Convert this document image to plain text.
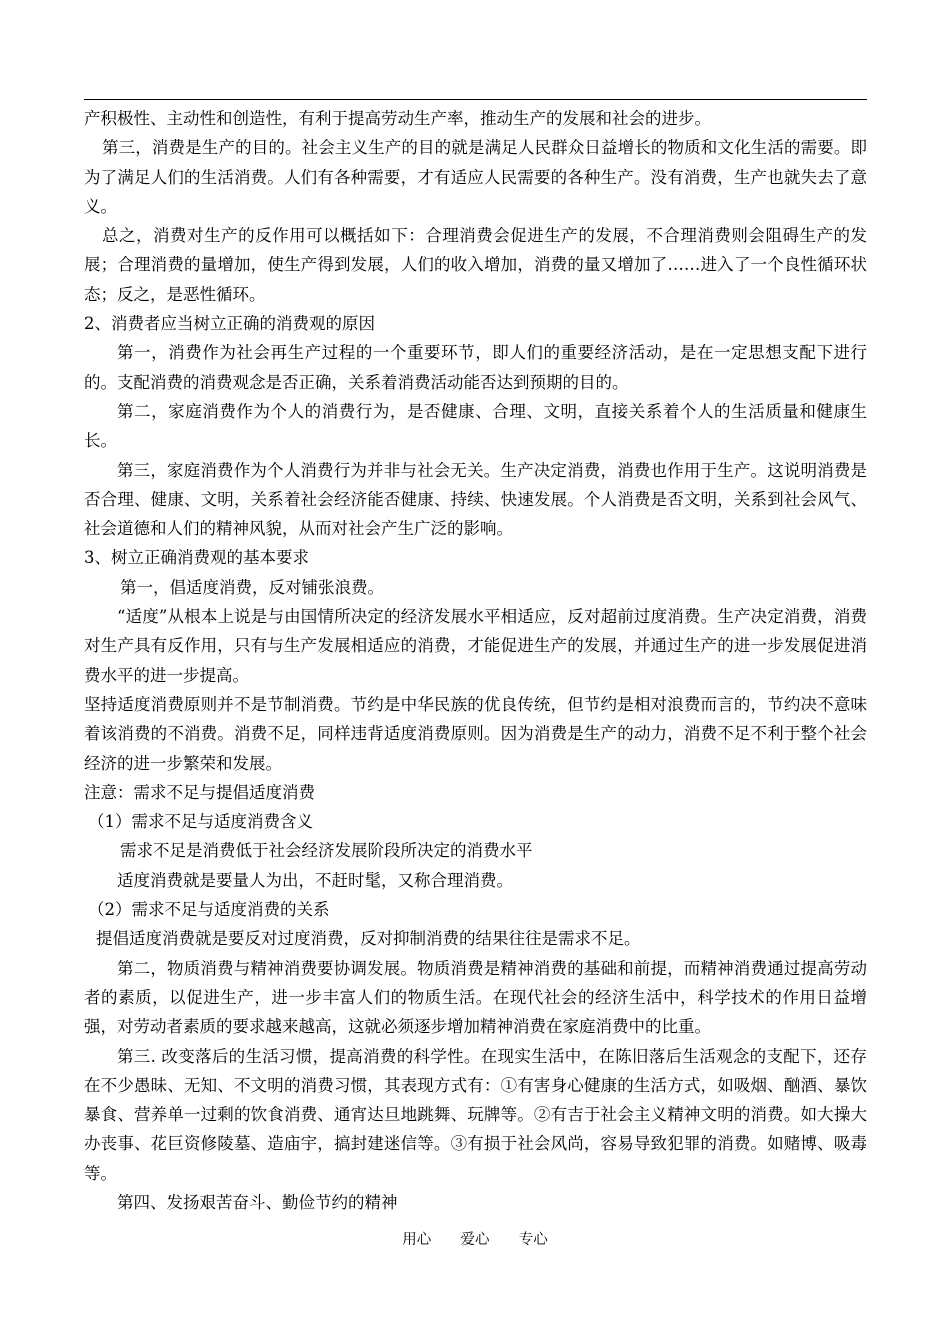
产积极性、主动性和创造性，有利于提高劳动生产率，推动生产的发展和社会的进步。

第三，消费是生产的目的。社会主义生产的目的就是满足人民群众日益增长的物质和文化生活的需要。即为了满足人们的生活消费。人们有各种需要，才有适应人民需要的各种生产。没有消费，生产也就失去了意义。

总之，消费对生产的反作用可以概括如下：合理消费会促进生产的发展，不合理消费则会阻碍生产的发展；合理消费的量增加，使生产得到发展，人们的收入增加，消费的量又增加了……进入了一个良性循环状态；反之，是恶性循环。

2、消费者应当树立正确的消费观的原因

第一，消费作为社会再生产过程的一个重要环节，即人们的重要经济活动，是在一定思想支配下进行的。支配消费的消费观念是否正确，关系着消费活动能否达到预期的目的。

第二，家庭消费作为个人的消费行为，是否健康、合理、文明，直接关系着个人的生活质量和健康生长。

第三，家庭消费作为个人消费行为并非与社会无关。生产决定消费，消费也作用于生产。这说明消费是否合理、健康、文明，关系着社会经济能否健康、持续、快速发展。个人消费是否文明，关系到社会风气、社会道德和人们的精神风貌，从而对社会产生广泛的影响。

3、树立正确消费观的基本要求

第一，倡适度消费，反对铺张浪费。

“适度”从根本上说是与由国情所决定的经济发展水平相适应，反对超前过度消费。生产决定消费，消费对生产具有反作用，只有与生产发展相适应的消费，才能促进生产的发展，并通过生产的进一步发展促进消费水平的进一步提高。

坚持适度消费原则并不是节制消费。节约是中华民族的优良传统，但节约是相对浪费而言的，节约决不意味着该消费的不消费。消费不足，同样违背适度消费原则。因为消费是生产的动力，消费不足不利于整个社会经济的进一步繁荣和发展。

注意：需求不足与提倡适度消费

（1）需求不足与适度消费含义

需求不足是消费低于社会经济发展阶段所决定的消费水平

适度消费就是要量人为出，不赶时髦，又称合理消费。

（2）需求不足与适度消费的关系

提倡适度消费就是要反对过度消费，反对抑制消费的结果往往是需求不足。

第二，物质消费与精神消费要协调发展。物质消费是精神消费的基础和前提，而精神消费通过提高劳动者的素质，以促进生产，进一步丰富人们的物质生活。在现代社会的经济生活中，科学技术的作用日益增强，对劳动者素质的要求越来越高，这就必须逐步增加精神消费在家庭消费中的比重。

第三. 改变落后的生活习惯，提高消费的科学性。在现实生活中，在陈旧落后生活观念的支配下，还存在不少愚昧、无知、不文明的消费习惯，其表现方式有：①有害身心健康的生活方式，如吸烟、酗酒、暴饮暴食、营养单一过剩的饮食消费、通宵达旦地跳舞、玩牌等。②有吉于社会主义精神文明的消费。如大操大办丧事、花巨资修陵墓、造庙宇，搞封建迷信等。③有损于社会风尚，容易导致犯罪的消费。如赌博、吸毒等。

第四、发扬艰苦奋斗、勤俭节约的精神

用心  爱心  专心
